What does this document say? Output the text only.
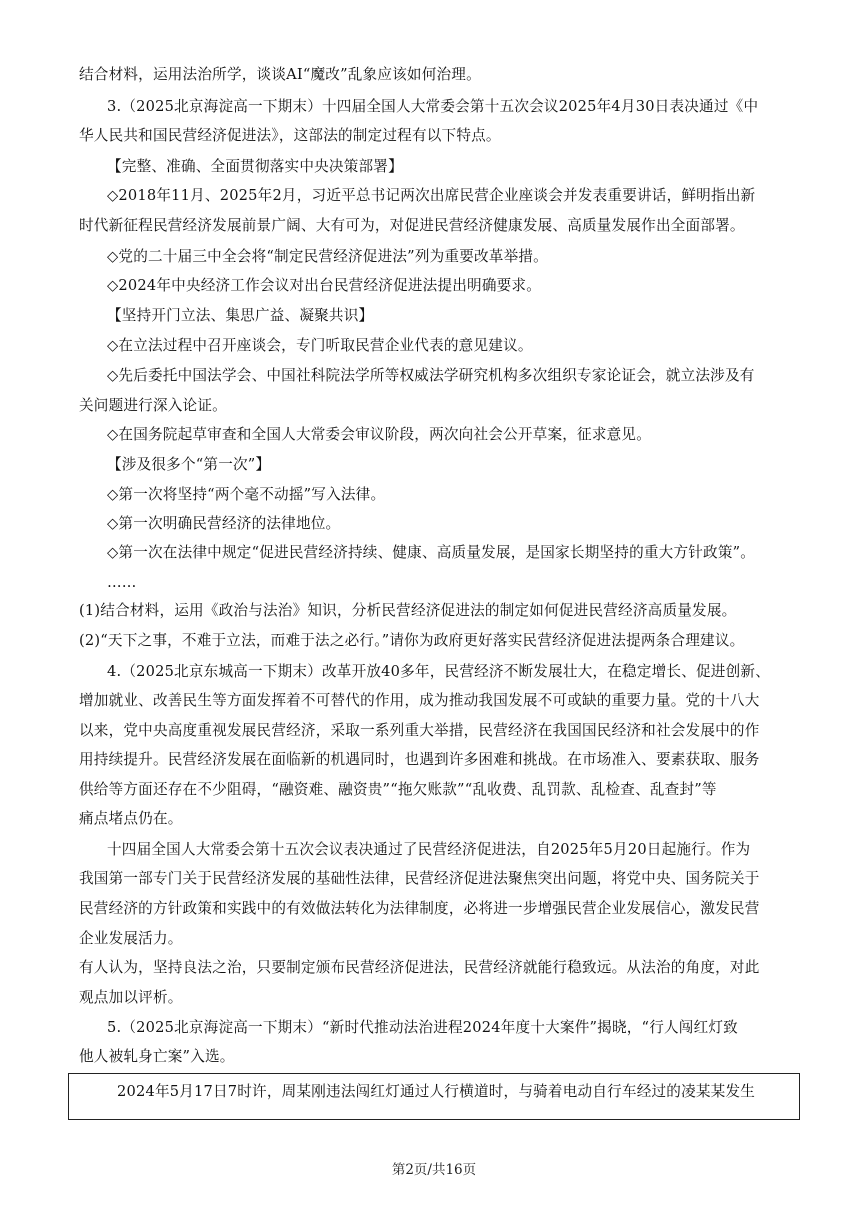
结合材料，运用法治所学，谈谈AI“魔改”乱象应该如何治理。
3.（2025北京海淀高一下期末）十四届全国人大常委会第十五次会议2025年4月30日表决通过《中
华人民共和国民营经济促进法》，这部法的制定过程有以下特点。
【完整、准确、全面贯彻落实中央决策部署】
◇2018年11月、2025年2月，习近平总书记两次出席民营企业座谈会并发表重要讲话，鲜明指出新
时代新征程民营经济发展前景广阔、大有可为，对促进民营经济健康发展、高质量发展作出全面部署。
◇党的二十届三中全会将“制定民营经济促进法”列为重要改革举措。
◇2024年中央经济工作会议对出台民营经济促进法提出明确要求。
【坚持开门立法、集思广益、凝聚共识】
◇在立法过程中召开座谈会，专门听取民营企业代表的意见建议。
◇先后委托中国法学会、中国社科院法学所等权威法学研究机构多次组织专家论证会，就立法涉及有
关问题进行深入论证。
◇在国务院起草审查和全国人大常委会审议阶段，两次向社会公开草案，征求意见。
【涉及很多个“第一次”】
◇第一次将坚持“两个毫不动摇”写入法律。
◇第一次明确民营经济的法律地位。
◇第一次在法律中规定“促进民营经济持续、健康、高质量发展，是国家长期坚持的重大方针政策”。
……
(1)结合材料，运用《政治与法治》知识，分析民营经济促进法的制定如何促进民营经济高质量发展。
(2)“天下之事，不难于立法，而难于法之必行。”请你为政府更好落实民营经济促进法提两条合理建议。
4.（2025北京东城高一下期末）改革开放40多年，民营经济不断发展壮大，在稳定增长、促进创新、
增加就业、改善民生等方面发挥着不可替代的作用，成为推动我国发展不可或缺的重要力量。党的十八大
以来，党中央高度重视发展民营经济，采取一系列重大举措，民营经济在我国国民经济和社会发展中的作
用持续提升。民营经济发展在面临新的机遇同时，也遇到许多困难和挑战。在市场准入、要素获取、服务
供给等方面还存在不少阻碍，“融资难、融资贵”“拖欠账款”“乱收费、乱罚款、乱检查、乱查封”等
痛点堵点仍在。
十四届全国人大常委会第十五次会议表决通过了民营经济促进法，自2025年5月20日起施行。作为
我国第一部专门关于民营经济发展的基础性法律，民营经济促进法聚焦突出问题，将党中央、国务院关于
民营经济的方针政策和实践中的有效做法转化为法律制度，必将进一步增强民营企业发展信心，激发民营
企业发展活力。
有人认为，坚持良法之治，只要制定颁布民营经济促进法，民营经济就能行稳致远。从法治的角度，对此
观点加以评析。
5.（2025北京海淀高一下期末）“新时代推动法治进程2024年度十大案件”揭晓，“行人闯红灯致
他人被轧身亡案”入选。
2024年5月17日7时许，周某刚违法闯红灯通过人行横道时，与骑着电动自行车经过的凌某某发生
第2页/共16页
